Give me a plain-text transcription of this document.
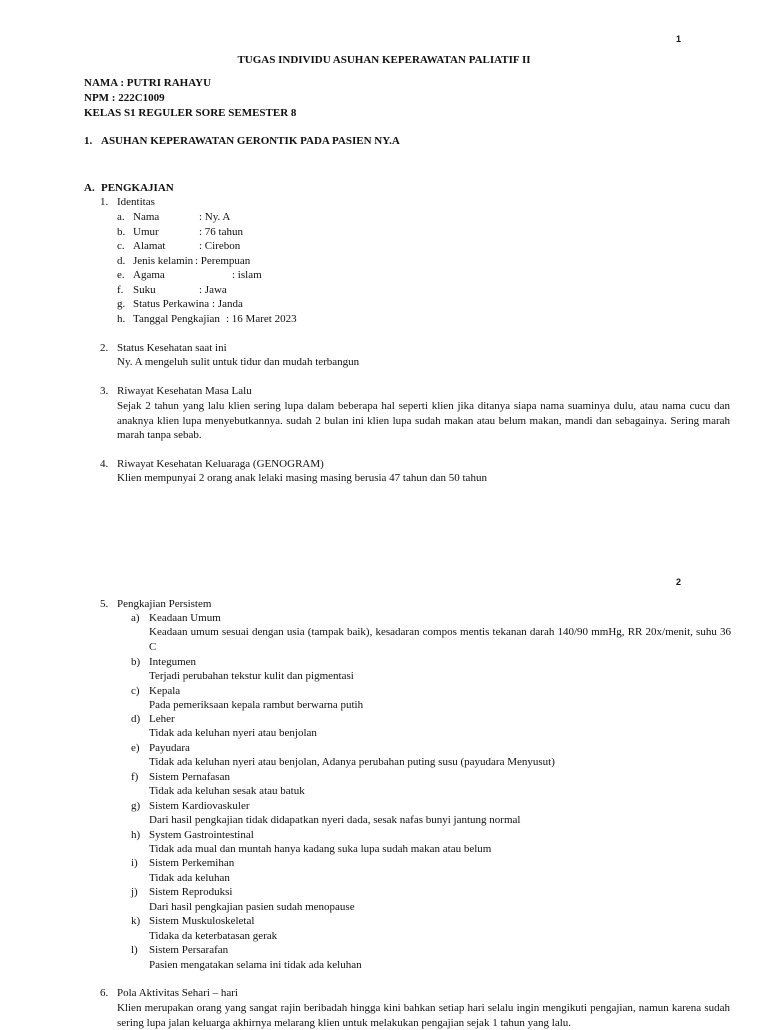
1
TUGAS INDIVIDU ASUHAN KEPERAWATAN PALIATIF II
NAMA : PUTRI RAHAYU
NPM : 222C1009
KELAS S1 REGULER SORE SEMESTER 8
1. ASUHAN KEPERAWATAN GERONTIK PADA PASIEN NY.A
A. PENGKAJIAN
1. Identitas
a. Nama	: Ny. A
b. Umur	: 76 tahun
c. Alamat	: Cirebon
d. Jenis kelamin : Perempuan
e. Agama	: islam
f. Suku	: Jawa
g. Status Perkawina : Janda
h. Tanggal Pengkajian : 16 Maret 2023
2. Status Kesehatan saat ini
Ny. A mengeluh sulit untuk tidur dan mudah terbangun
3. Riwayat Kesehatan Masa Lalu
Sejak 2 tahun yang lalu klien sering lupa dalam beberapa hal seperti klien jika ditanya siapa nama suaminya dulu, atau nama cucu dan anaknya klien lupa menyebutkannya. sudah 2 bulan ini klien lupa sudah makan atau belum makan, mandi dan sebagainya. Sering marah marah tanpa sebab.
4. Riwayat Kesehatan Keluaraga (GENOGRAM)
Klien mempunyai 2 orang anak lelaki masing masing berusia 47 tahun dan 50 tahun
2
5. Pengkajian Persistem
a) Keadaan Umum
Keadaan umum sesuai dengan usia (tampak baik), kesadaran compos mentis tekanan darah 140/90 mmHg, RR 20x/menit, suhu 36 C
b) Integumen
Terjadi perubahan tekstur kulit dan pigmentasi
c) Kepala
Pada pemeriksaan kepala rambut berwarna putih
d) Leher
Tidak ada keluhan nyeri atau benjolan
e) Payudara
Tidak ada keluhan nyeri atau benjolan, Adanya perubahan puting susu (payudara Menyusut)
f) Sistem Pernafasan
Tidak ada keluhan sesak atau batuk
g) Sistem Kardiovaskuler
Dari hasil pengkajian tidak didapatkan nyeri dada, sesak nafas bunyi jantung normal
h) System Gastrointestinal
Tidak ada mual dan muntah hanya kadang suka lupa sudah makan atau belum
i) Sistem Perkemihan
Tidak ada keluhan
j) Sistem Reproduksi
Dari hasil pengkajian pasien sudah menopause
k) Sistem Muskuloskeletal
Tidaka da keterbatasan gerak
l) Sistem Persarafan
Pasien mengatakan selama ini tidak ada keluhan
6. Pola Aktivitas Sehari – hari
Klien merupakan orang yang sangat rajin beribadah hingga kini bahkan setiap hari selalu ingin mengikuti pengajian, namun karena sudah sering lupa jalan keluarga akhirnya melarang klien untuk melakukan pengajian sejak 1 tahun yang lalu.
